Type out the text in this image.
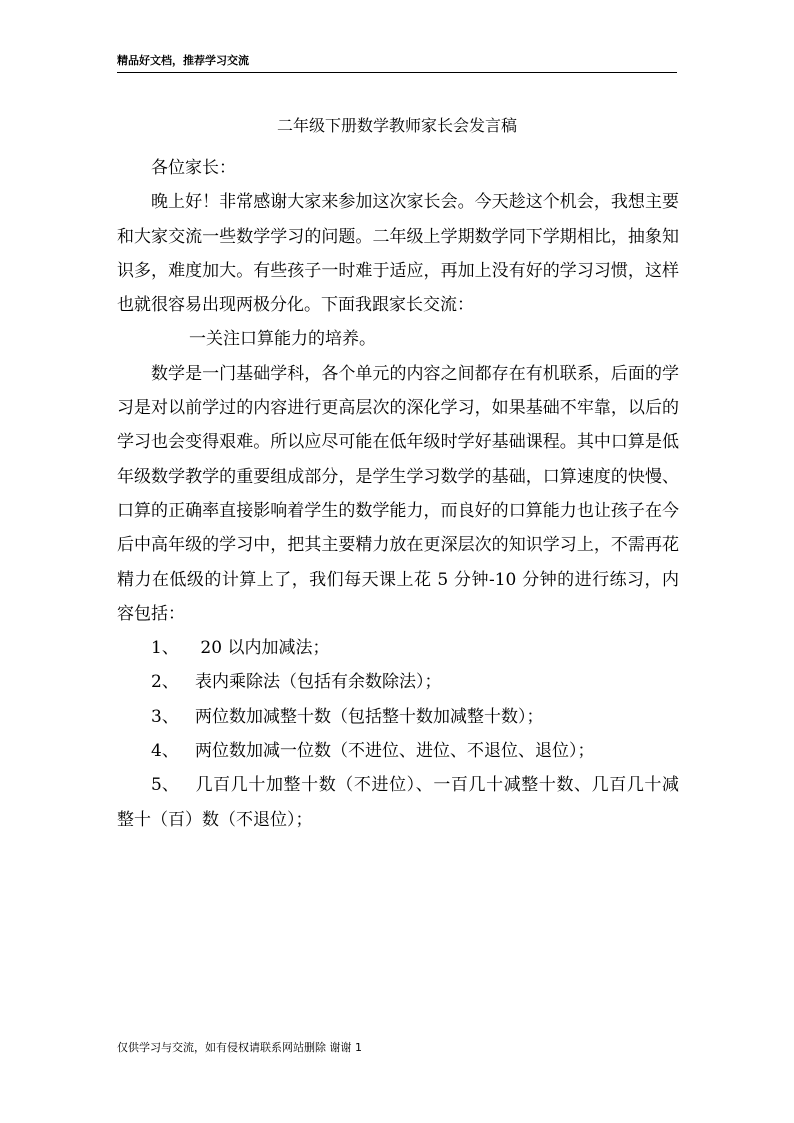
精品好文档，推荐学习交流
二年级下册数学教师家长会发言稿

各位家长：

晚上好！非常感谢大家来参加这次家长会。今天趁这个机会，我想主要和大家交流一些数学学习的问题。二年级上学期数学同下学期相比，抽象知识多，难度加大。有些孩子一时难于适应，再加上没有好的学习习惯，这样也就很容易出现两极分化。下面我跟家长交流：

一关注口算能力的培养。

数学是一门基础学科，各个单元的内容之间都存在有机联系，后面的学习是对以前学过的内容进行更高层次的深化学习，如果基础不牢靠，以后的学习也会变得艰难。所以应尽可能在低年级时学好基础课程。其中口算是低年级数学教学的重要组成部分，是学生学习数学的基础，口算速度的快慢、口算的正确率直接影响着学生的数学能力，而良好的口算能力也让孩子在今后中高年级的学习中，把其主要精力放在更深层次的知识学习上，不需再花精力在低级的计算上了，我们每天课上花 5 分钟-10 分钟的进行练习，内容包括：

1、 20 以内加减法；

2、 表内乘除法（包括有余数除法）；

3、 两位数加减整十数（包括整十数加减整十数）；

4、 两位数加减一位数（不进位、进位、不退位、退位）；

5、 几百几十加整十数（不进位）、一百几十减整十数、几百几十减整十（百）数（不退位）；

仅供学习与交流，如有侵权请联系网站删除 谢谢 1
